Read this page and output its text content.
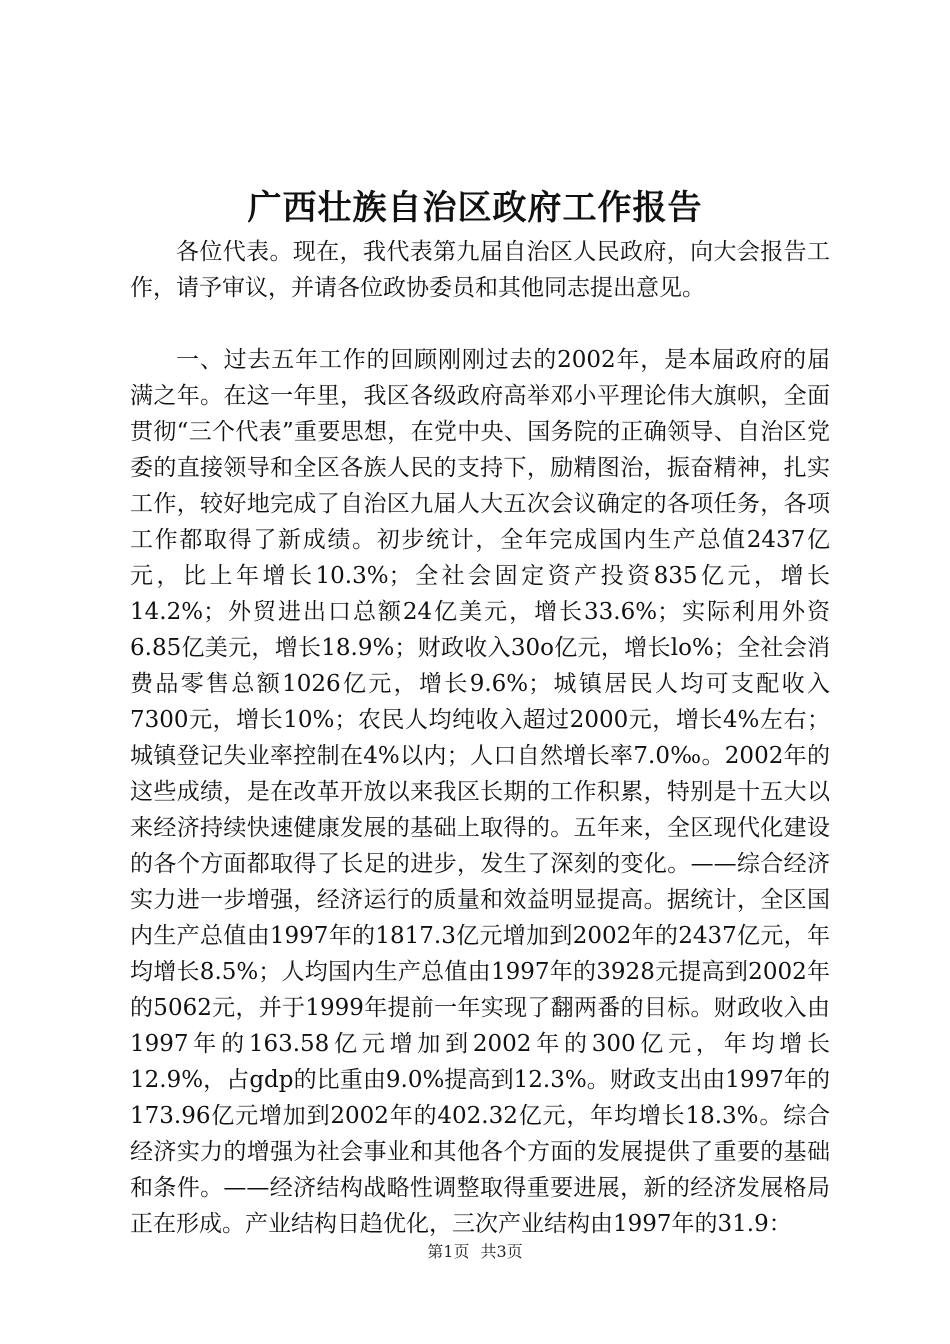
广西壮族自治区政府工作报告

各位代表。现在，我代表第九届自治区人民政府，向大会报告工作，请予审议，并请各位政协委员和其他同志提出意见。

一、过去五年工作的回顾刚刚过去的2002年，是本届政府的届满之年。在这一年里，我区各级政府高举邓小平理论伟大旗帜，全面贯彻“三个代表”重要思想，在党中央、国务院的正确领导、自治区党委的直接领导和全区各族人民的支持下，励精图治，振奋精神，扎实工作，较好地完成了自治区九届人大五次会议确定的各项任务，各项工作都取得了新成绩。初步统计，全年完成国内生产总值2437亿元，比上年增长10.3%；全社会固定资产投资835亿元，增长14.2%；外贸进出口总额24亿美元，增长33.6%；实际利用外资6.85亿美元，增长18.9%；财政收入30o亿元，增长lo%；全社会消费品零售总额1026亿元，增长9.6%；城镇居民人均可支配收入7300元，增长10%；农民人均纯收入超过2000元，增长4%左右；城镇登记失业率控制在4%以内；人口自然增长率7.0‰。2002年的这些成绩，是在改革开放以来我区长期的工作积累，特别是十五大以来经济持续快速健康发展的基础上取得的。五年来，全区现代化建设的各个方面都取得了长足的进步，发生了深刻的变化。——综合经济实力进一步增强，经济运行的质量和效益明显提高。据统计，全区国内生产总值由1997年的1817.3亿元增加到2002年的2437亿元，年均增长8.5%；人均国内生产总值由1997年的3928元提高到2002年的5062元，并于1999年提前一年实现了翻两番的目标。财政收入由1997年的163.58亿元增加到2002年的300亿元，年均增长12.9%，占gdp的比重由9.0%提高到12.3%。财政支出由1997年的173.96亿元增加到2002年的402.32亿元，年均增长18.3%。综合经济实力的增强为社会事业和其他各个方面的发展提供了重要的基础和条件。——经济结构战略性调整取得重要进展，新的经济发展格局正在形成。产业结构日趋优化，三次产业结构由1997年的31.9：

第1页 共3页
